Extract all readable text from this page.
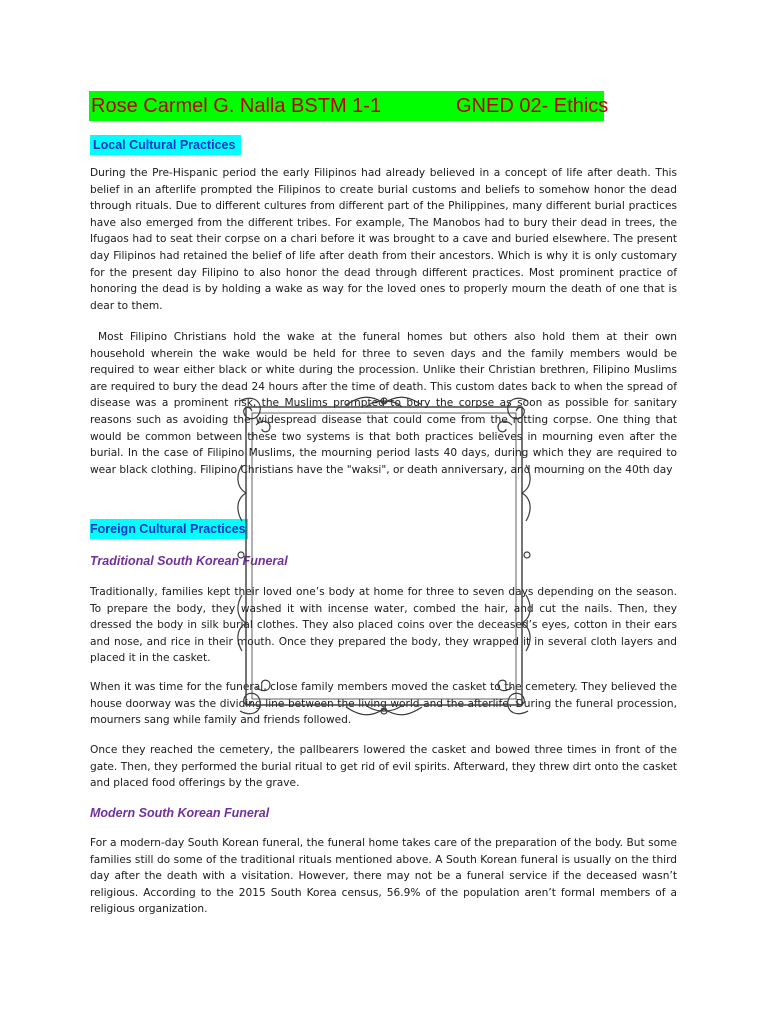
Rose Carmel G. Nalla BSTM 1-1	GNED 02- Ethics
Local Cultural Practices

During the Pre-Hispanic period the early Filipinos had already believed in a concept of life after death. This belief in an afterlife prompted the Filipinos to create burial customs and beliefs to somehow honor the dead through rituals. Due to different cultures from different part of the Philippines, many different burial practices have also emerged from the different tribes. For example, The Manobos had to bury their dead in trees, the Ifugaos had to seat their corpse on a chari before it was brought to a cave and buried elsewhere. The present day Filipinos had retained the belief of life after death from their ancestors. Which is why it is only customary for the present day Filipino to also honor the dead through different practices. Most prominent practice of honoring the dead is by holding a wake as way for the loved ones to properly mourn the death of one that is dear to them.

Most Filipino Christians hold the wake at the funeral homes but others also hold them at their own household wherein the wake would be held for three to seven days and the family members would be required to wear either black or white during the procession. Unlike their Christian brethren, Filipino Muslims are required to bury the dead 24 hours after the time of death. This custom dates back to when the spread of disease was a prominent risk, the Muslims prompted to bury the corpse as soon as possible for sanitary reasons such as avoiding the widespread disease that could come from the rotting corpse. One thing that would be common between these two systems is that both practices believes in mourning even after the burial. In the case of Filipino Muslims, the mourning period lasts 40 days, during which they are required to wear black clothing. Filipino Christians have the "waksi", or death anniversary, and mourning on the 40th day

Foreign Cultural Practices
Traditional South Korean Funeral

Traditionally, families kept their loved one’s body at home for three to seven days depending on the season. To prepare the body, they washed it with incense water, combed the hair, and cut the nails. Then, they dressed the body in silk burial clothes. They also placed coins over the deceased’s eyes, cotton in their ears and nose, and rice in their mouth. Once they prepared the body, they wrapped it in several cloth layers and placed it in the casket.

When it was time for the funeral, close family members moved the casket to the cemetery. They believed the house doorway was the dividing line between the living world and the afterlife. During the funeral procession, mourners sang while family and friends followed.

Once they reached the cemetery, the pallbearers lowered the casket and bowed three times in front of the gate. Then, they performed the burial ritual to get rid of evil spirits. Afterward, they threw dirt onto the casket and placed food offerings by the grave.

Modern South Korean Funeral

For a modern-day South Korean funeral, the funeral home takes care of the preparation of the body. But some families still do some of the traditional rituals mentioned above. A South Korean funeral is usually on the third day after the death with a visitation. However, there may not be a funeral service if the deceased wasn’t religious. According to the 2015 South Korea census, 56.9% of the population aren’t formal members of a religious organization.
